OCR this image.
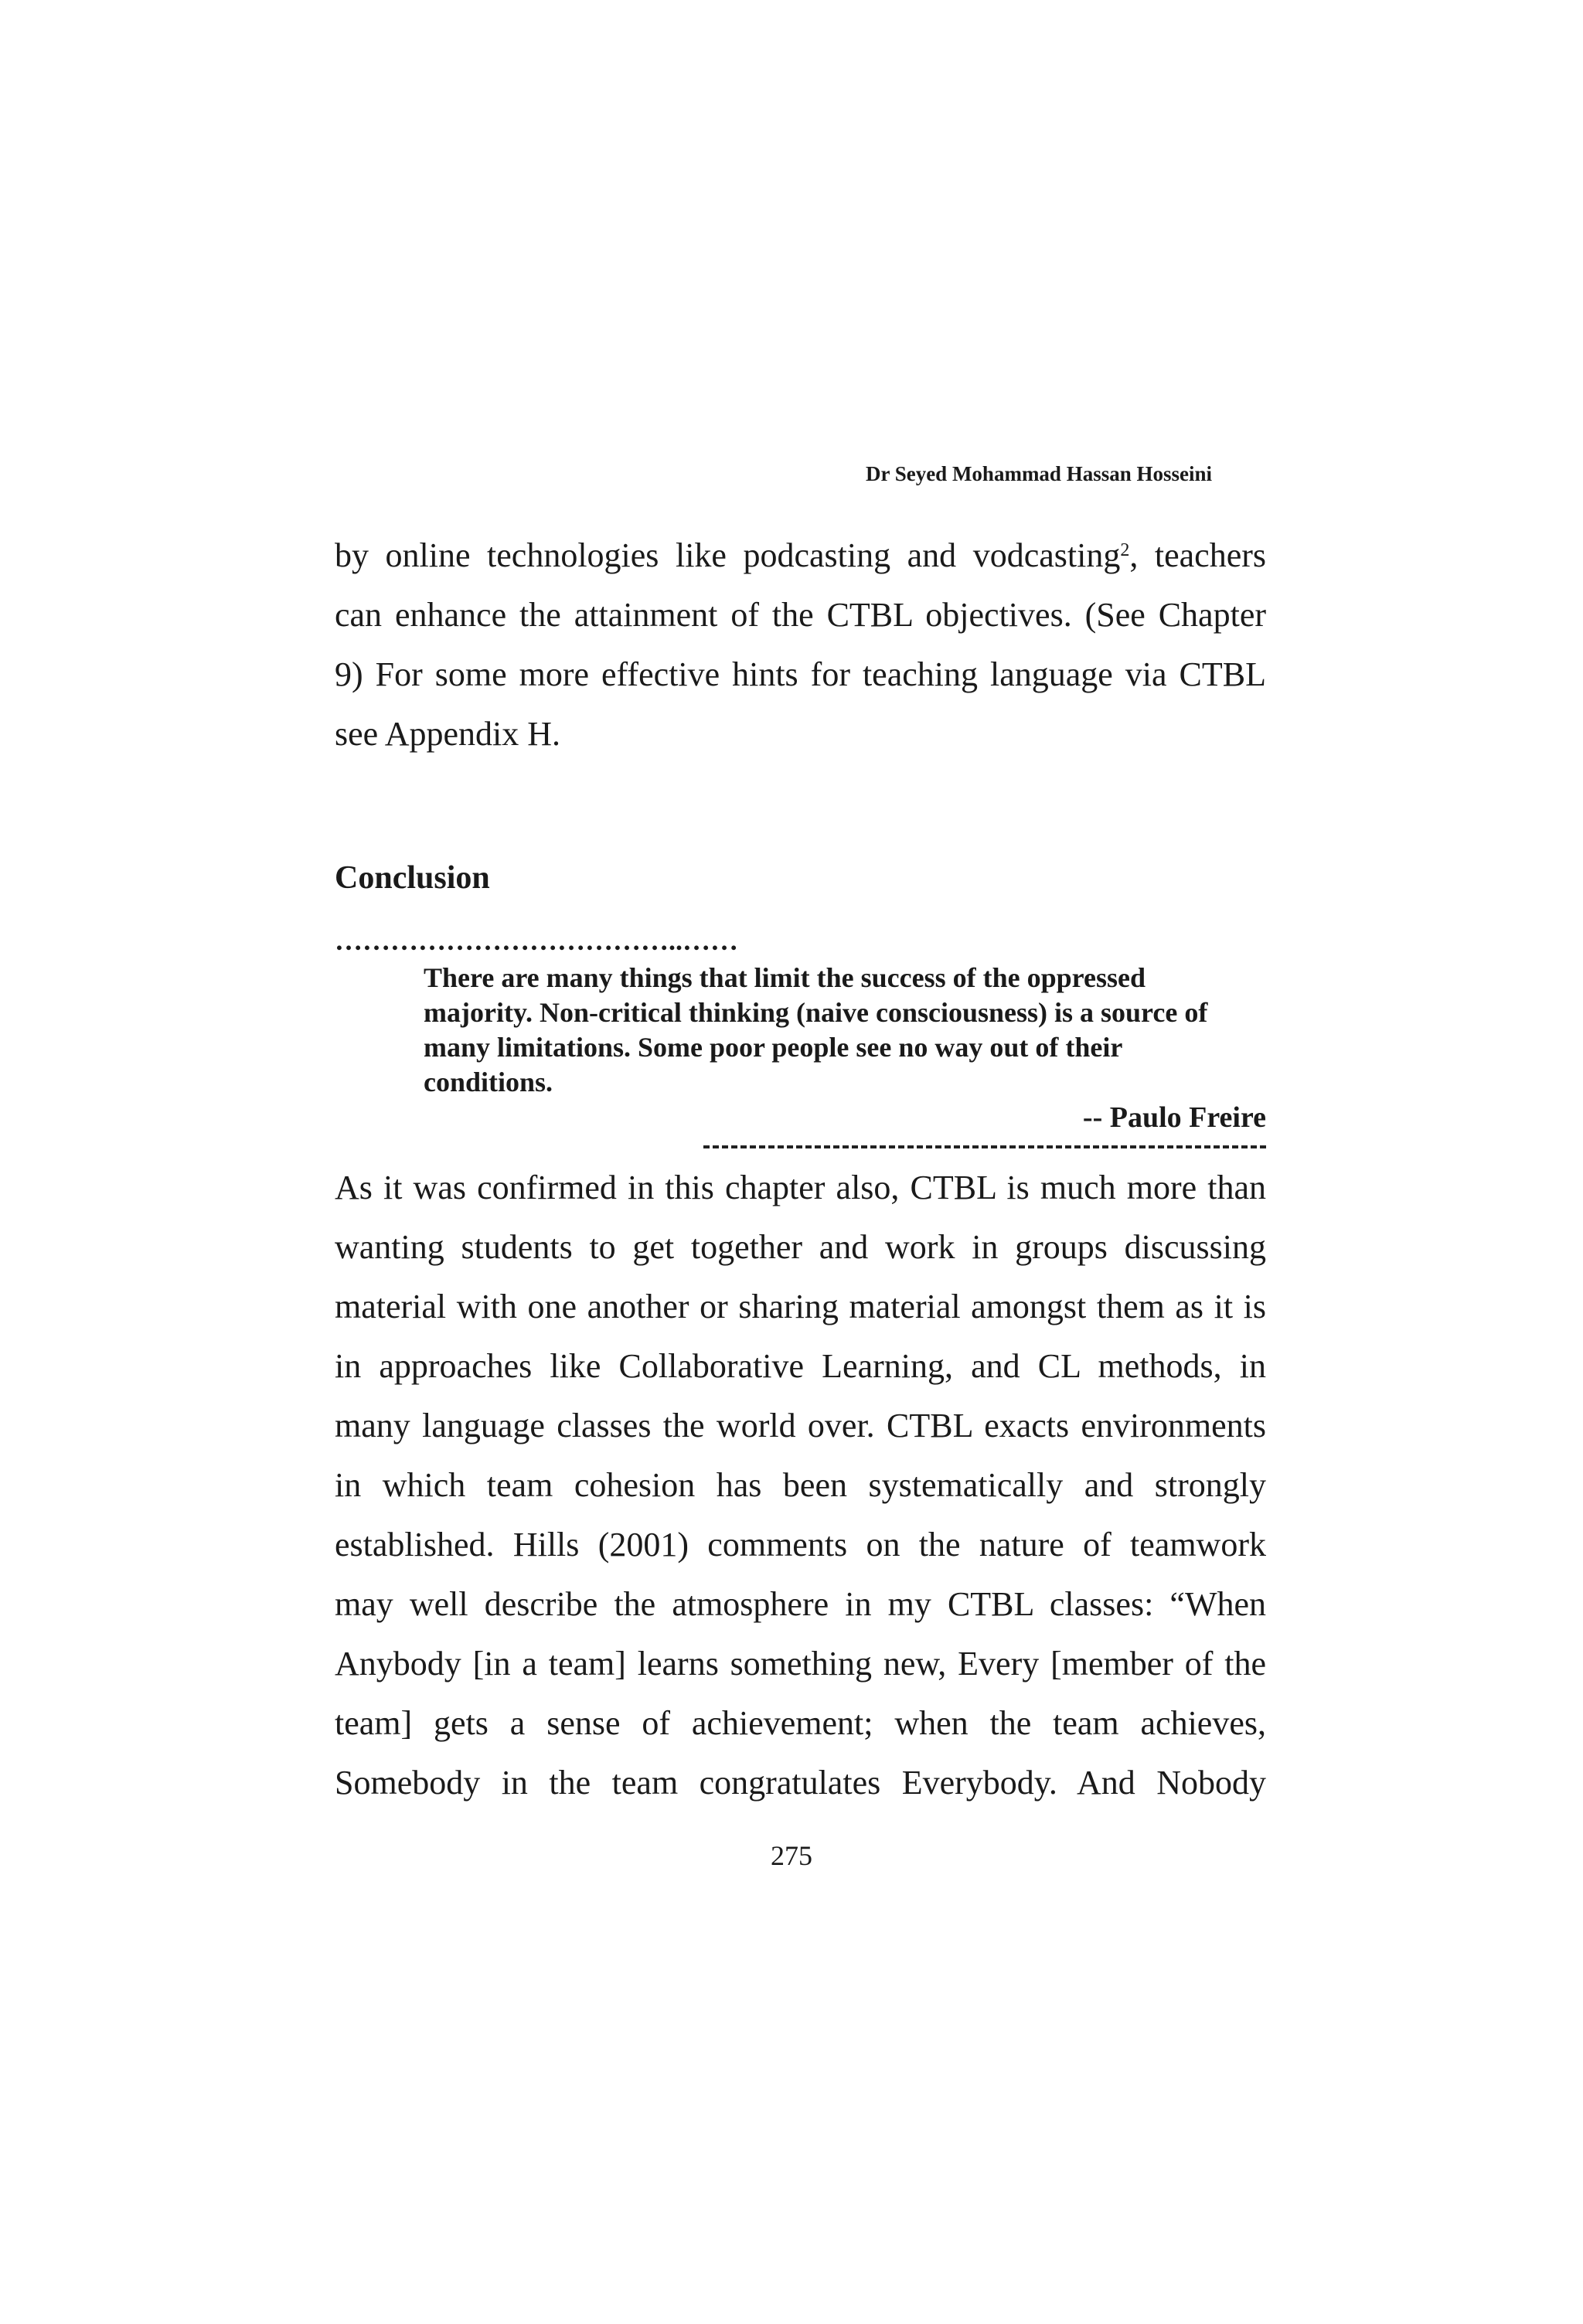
Dr Seyed Mohammad Hassan Hosseini
by online technologies like podcasting and vodcasting$^2$, teachers
can enhance the attainment of the CTBL objectives. (See Chapter
9) For some more effective hints for teaching language via CTBL
see Appendix H.
Conclusion
………………………………..……
There are many things that limit the success of the oppressed
majority. Non-critical thinking (naive consciousness) is a source of
many limitations. Some poor people see no way out of their
conditions.
-- Paulo Freire
As it was confirmed in this chapter also, CTBL is much more than
wanting students to get together and work in groups discussing
material with one another or sharing material amongst them as it is
in approaches like Collaborative Learning, and CL methods, in
many language classes the world over. CTBL exacts environments
in which team cohesion has been systematically and strongly
established. Hills (2001) comments on the nature of teamwork
may well describe the atmosphere in my CTBL classes: “When
Anybody [in a team] learns something new, Every [member of the
team] gets a sense of achievement; when the team achieves,
Somebody in the team congratulates Everybody. And Nobody
275
